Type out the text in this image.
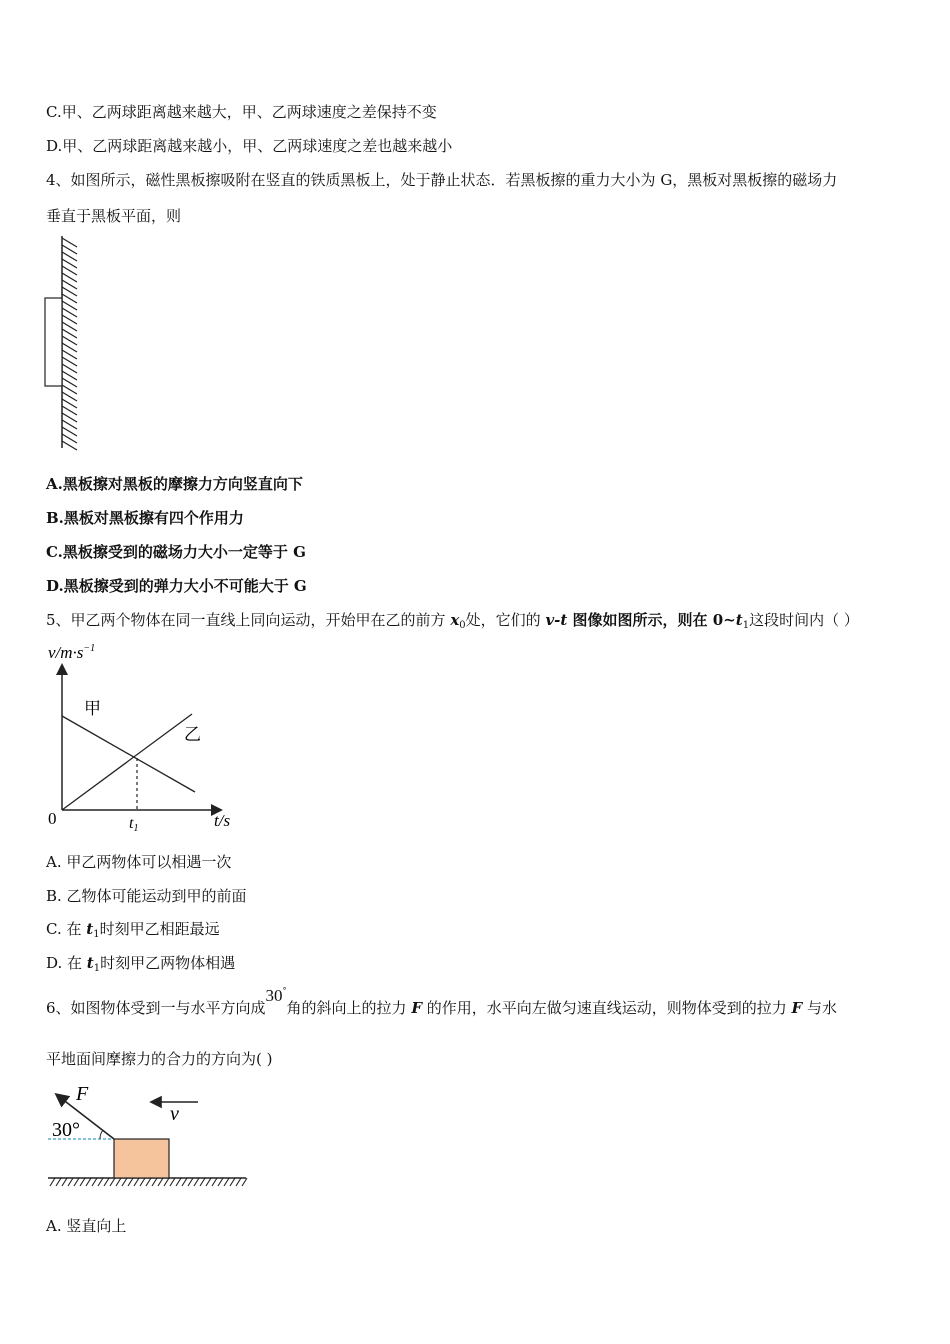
C.甲、乙两球距离越来越大，甲、乙两球速度之差保持不变
D.甲、乙两球距离越来越小，甲、乙两球速度之差也越来越小
4、如图所示，磁性黑板擦吸附在竖直的铁质黑板上，处于静止状态．若黑板擦的重力大小为 G，黑板对黑板擦的磁场力
垂直于黑板平面，则
A.黑板擦对黑板的摩擦力方向竖直向下
B.黑板对黑板擦有四个作用力
C.黑板擦受到的磁场力大小一定等于 G
D.黑板擦受到的弹力大小不可能大于 G
5、甲乙两个物体在同一直线上同向运动，开始甲在乙的前方 $x_0$处，它们的 v-t 图像如图所示，则在 $0\sim t_1$这段时间内（ ）
$v/m\cdot s^{-1}$
t/s
0	t1
甲
乙
A. 甲乙两物体可以相遇一次
B. 乙物体可能运动到甲的前面
C. 在 $t_1$时刻甲乙相距最远
D. 在 $t_1$时刻甲乙两物体相遇
6、如图物体受到一与水平方向成30°角的斜向上的拉力 F 的作用，水平向左做匀速直线运动，则物体受到的拉力 F 与水
平地面间摩擦力的合力的方向为( )
F
30°
v
A. 竖直向上
